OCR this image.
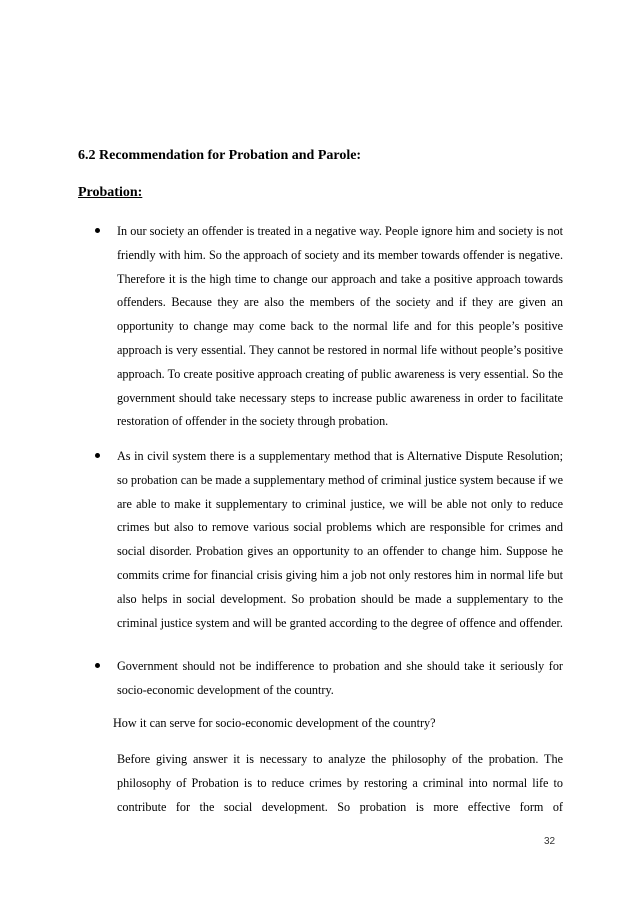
6.2 Recommendation for Probation and Parole:
Probation:

In our society an offender is treated in a negative way. People ignore him and society is not friendly with him. So the approach of society and its member towards offender is negative. Therefore it is the high time to change our approach and take a positive approach towards offenders. Because they are also the members of the society and if they are given an opportunity to change may come back to the normal life and for this people’s positive approach is very essential. They cannot be restored in normal life without people’s positive approach. To create positive approach creating of public awareness is very essential. So the government should take necessary steps to increase public awareness in order to facilitate restoration of offender in the society through probation.

As in civil system there is a supplementary method that is Alternative Dispute Resolution; so probation can be made a supplementary method of criminal justice system because if we are able to make it supplementary to criminal justice, we will be able not only to reduce crimes but also to remove various social problems which are responsible for crimes and social disorder. Probation gives an opportunity to an offender to change him. Suppose he commits crime for financial crisis giving him a job not only restores him in normal life but also helps in social development. So probation should be made a supplementary to the criminal justice system and will be granted according to the degree of offence and offender.

Government should not be indifference to probation and she should take it seriously for socio-economic development of the country.

How it can serve for socio-economic development of the country?

Before giving answer it is necessary to analyze the philosophy of the probation. The philosophy of Probation is to reduce crimes by restoring a criminal into normal life to contribute for the social development. So probation is more effective form of

32
